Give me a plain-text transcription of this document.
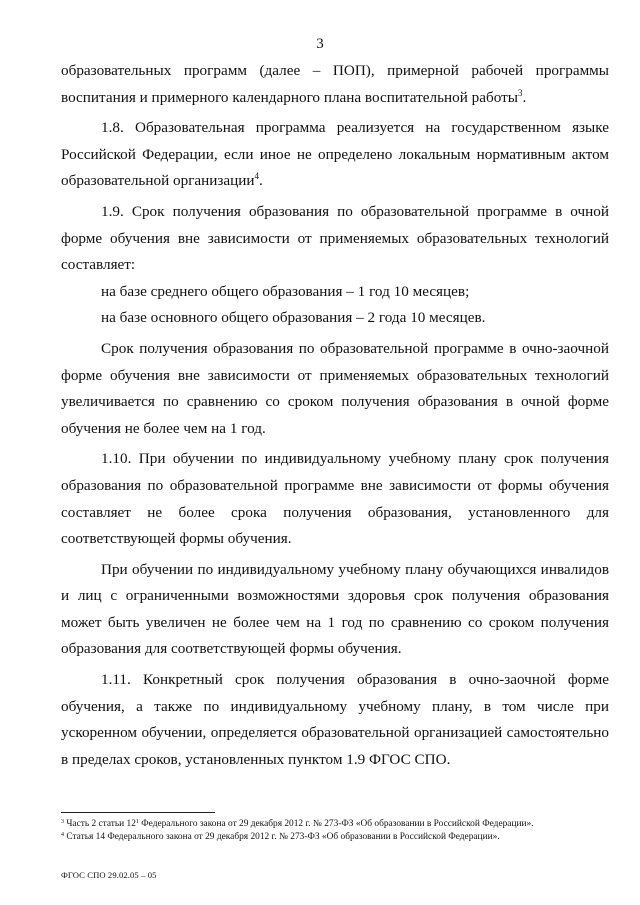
3

образовательных программ (далее – ПОП), примерной рабочей программы воспитания и примерного календарного плана воспитательной работы$^3$.

1.8. Образовательная программа реализуется на государственном языке Российской Федерации, если иное не определено локальным нормативным актом образовательной организации$^4$.

1.9. Срок получения образования по образовательной программе в очной форме обучения вне зависимости от применяемых образовательных технологий составляет:

на базе среднего общего образования – 1 год 10 месяцев;

на базе основного общего образования – 2 года 10 месяцев.

Срок получения образования по образовательной программе в очно-заочной форме обучения вне зависимости от применяемых образовательных технологий увеличивается по сравнению со сроком получения образования в очной форме обучения не более чем на 1 год.

1.10. При обучении по индивидуальному учебному плану срок получения образования по образовательной программе вне зависимости от формы обучения составляет не более срока получения образования, установленного для соответствующей формы обучения.

При обучении по индивидуальному учебному плану обучающихся инвалидов и лиц с ограниченными возможностями здоровья срок получения образования может быть увеличен не более чем на 1 год по сравнению со сроком получения образования для соответствующей формы обучения.

1.11. Конкретный срок получения образования в очно-заочной форме обучения, а также по индивидуальному учебному плану, в том числе при ускоренном обучении, определяется образовательной организацией самостоятельно в пределах сроков, установленных пунктом 1.9 ФГОС СПО.

$^3$ Часть 2 статьи $12^1$ Федерального закона от 29 декабря 2012 г. № 273-ФЗ «Об образовании в Российской Федерации».

$^4$ Статья 14 Федерального закона от 29 декабря 2012 г. № 273-ФЗ «Об образовании в Российской Федерации».

ФГОС СПО 29.02.05 – 05
